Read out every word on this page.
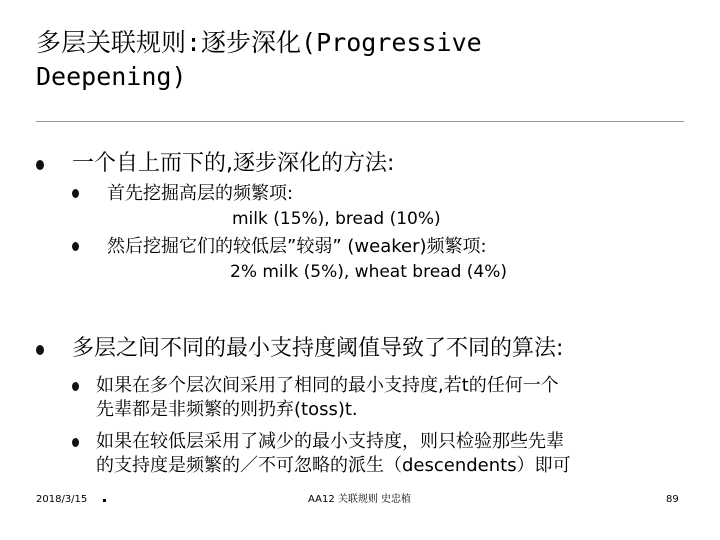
多层关联规则:逐步深化(Progressive
Deepening)
一个自上而下的,逐步深化的方法:
首先挖掘高层的频繁项:
milk (15%), bread (10%)
然后挖掘它们的较低层”较弱” (weaker)频繁项:
2% milk (5%), wheat bread (4%)
多层之间不同的最小支持度阈值导致了不同的算法:
如果在多个层次间采用了相同的最小支持度,若t的任何一个
先辈都是非频繁的则扔弃(toss)t.
如果在较低层采用了减少的最小支持度，则只检验那些先辈
的支持度是频繁的／不可忽略的派生（descendents）即可
2018/3/15	AA12 关联规则 史忠植	89
